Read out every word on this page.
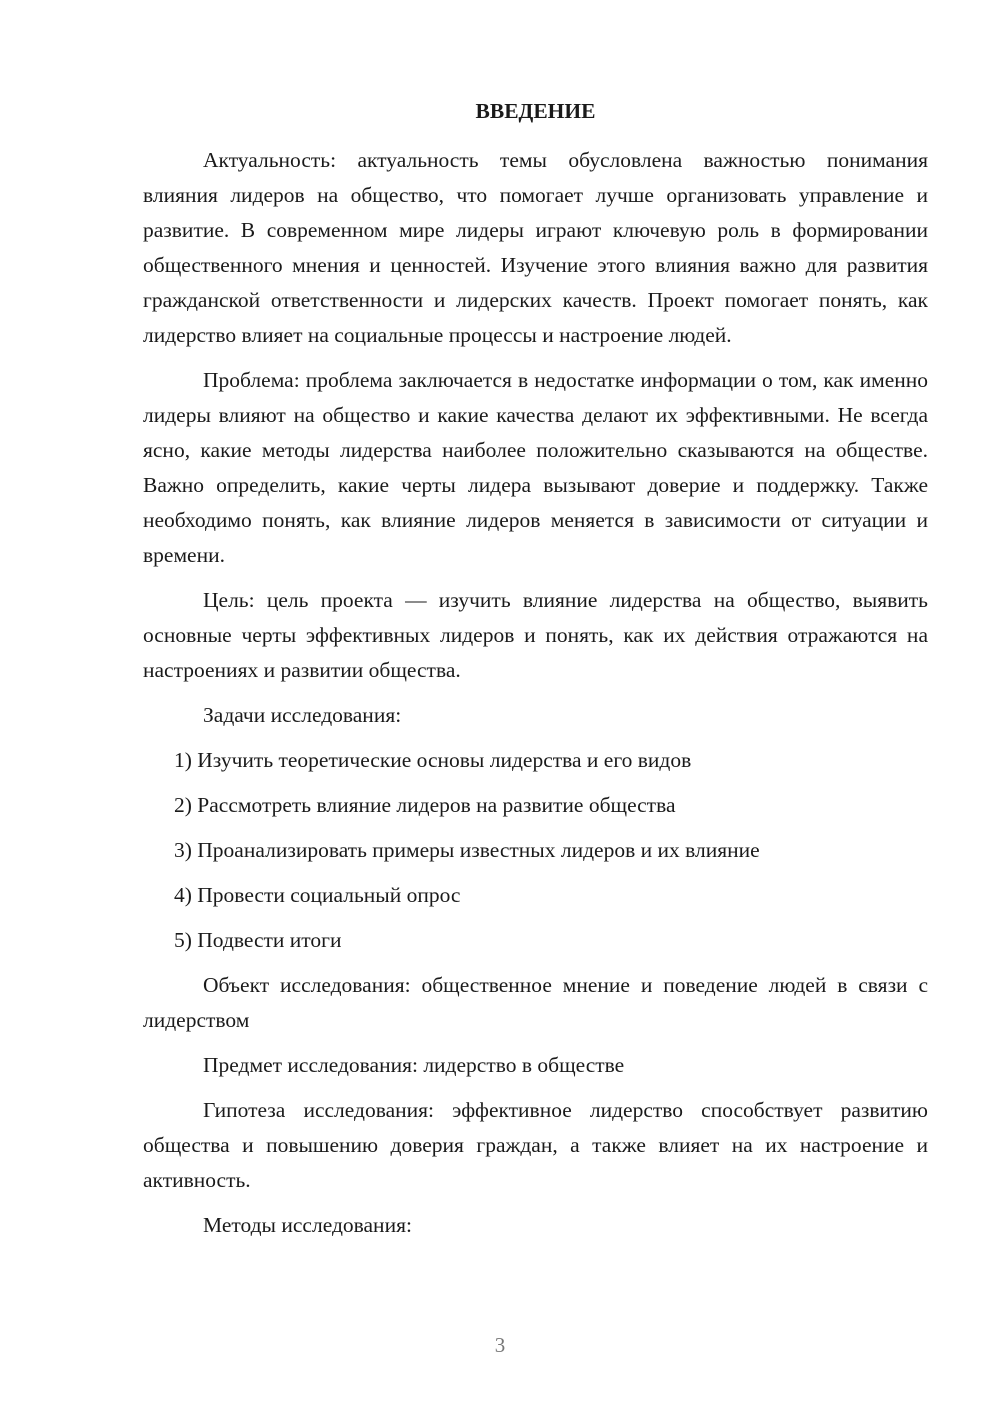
ВВЕДЕНИЕ

Актуальность: актуальность темы обусловлена важностью понимания влияния лидеров на общество, что помогает лучше организовать управление и развитие. В современном мире лидеры играют ключевую роль в формировании общественного мнения и ценностей. Изучение этого влияния важно для развития гражданской ответственности и лидерских качеств. Проект помогает понять, как лидерство влияет на социальные процессы и настроение людей.

Проблема: проблема заключается в недостатке информации о том, как именно лидеры влияют на общество и какие качества делают их эффективными. Не всегда ясно, какие методы лидерства наиболее положительно сказываются на обществе. Важно определить, какие черты лидера вызывают доверие и поддержку. Также необходимо понять, как влияние лидеров меняется в зависимости от ситуации и времени.

Цель: цель проекта — изучить влияние лидерства на общество, выявить основные черты эффективных лидеров и понять, как их действия отражаются на настроениях и развитии общества.

Задачи исследования:

1) Изучить теоретические основы лидерства и его видов
2) Рассмотреть влияние лидеров на развитие общества
3) Проанализировать примеры известных лидеров и их влияние
4) Провести социальный опрос
5) Подвести итоги

Объект исследования: общественное мнение и поведение людей в связи с лидерством

Предмет исследования: лидерство в обществе

Гипотеза исследования: эффективное лидерство способствует развитию общества и повышению доверия граждан, а также влияет на их настроение и активность.

Методы исследования:

3
